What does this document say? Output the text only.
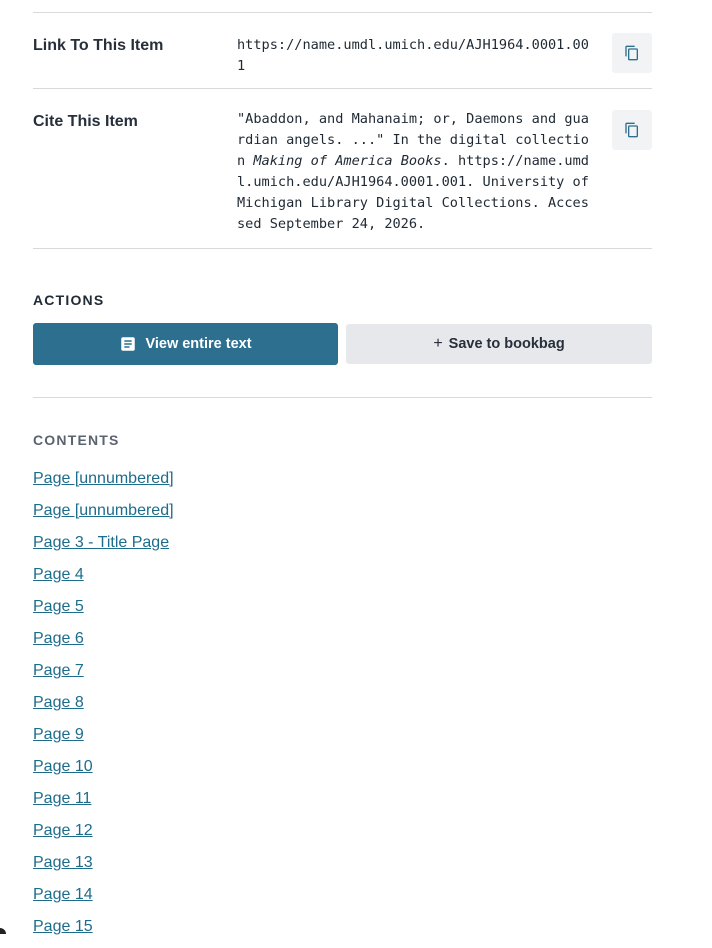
Link To This Item	https://name.umdl.umich.edu/AJH1964.0001.001
Cite This Item	"Abaddon, and Mahanaim; or, Daemons and guardian angels. ..." In the digital collection Making of America Books. https://name.umdl.umich.edu/AJH1964.0001.001. University of Michigan Library Digital Collections. Accessed September 24, 2026.
ACTIONS
View entire text	+ Save to bookbag
CONTENTS
Page [unnumbered]
Page [unnumbered]
Page 3 - Title Page
Page 4
Page 5
Page 6
Page 7
Page 8
Page 9
Page 10
Page 11
Page 12
Page 13
Page 14
Page 15
